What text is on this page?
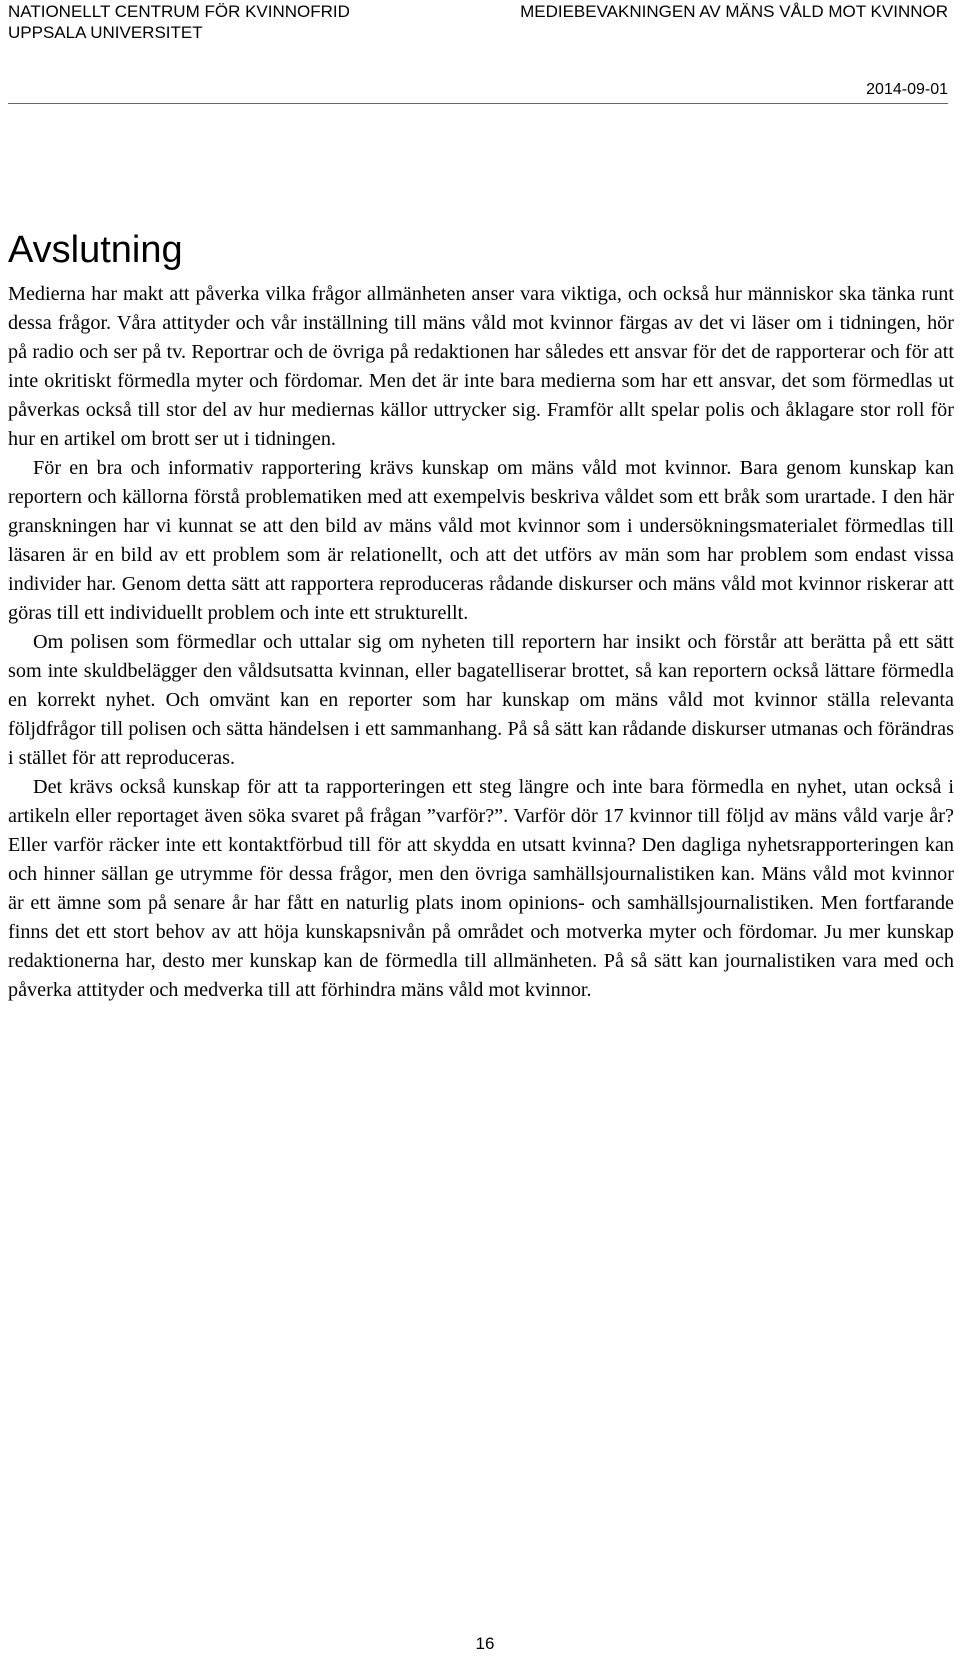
NATIONELLT CENTRUM FÖR KVINNOFRID
UPPSALA UNIVERSITET
MEDIEBEVAKNINGEN AV MÄNS VÅLD MOT KVINNOR
2014-09-01
Avslutning

Medierna har makt att påverka vilka frågor allmänheten anser vara viktiga, och också hur människor ska tänka runt dessa frågor. Våra attityder och vår inställning till mäns våld mot kvinnor färgas av det vi läser om i tidningen, hör på radio och ser på tv. Reportrar och de övriga på redaktionen har således ett ansvar för det de rapporterar och för att inte okritiskt förmedla myter och fördomar. Men det är inte bara medierna som har ett ansvar, det som förmedlas ut påverkas också till stor del av hur mediernas källor uttrycker sig. Framför allt spelar polis och åklagare stor roll för hur en artikel om brott ser ut i tidningen.

För en bra och informativ rapportering krävs kunskap om mäns våld mot kvinnor. Bara genom kunskap kan reportern och källorna förstå problematiken med att exempelvis beskriva våldet som ett bråk som urartade. I den här granskningen har vi kunnat se att den bild av mäns våld mot kvinnor som i undersökningsmaterialet förmedlas till läsaren är en bild av ett problem som är relationellt, och att det utförs av män som har problem som endast vissa individer har. Genom detta sätt att rapportera reproduceras rådande diskurser och mäns våld mot kvinnor riskerar att göras till ett individuellt problem och inte ett strukturellt.

Om polisen som förmedlar och uttalar sig om nyheten till reportern har insikt och förstår att berätta på ett sätt som inte skuldbelägger den våldsutsatta kvinnan, eller bagatelliserar brottet, så kan reportern också lättare förmedla en korrekt nyhet. Och omvänt kan en reporter som har kunskap om mäns våld mot kvinnor ställa relevanta följdfrågor till polisen och sätta händelsen i ett sammanhang. På så sätt kan rådande diskurser utmanas och förändras i stället för att reproduceras.

Det krävs också kunskap för att ta rapporteringen ett steg längre och inte bara förmedla en nyhet, utan också i artikeln eller reportaget även söka svaret på frågan ”varför?”. Varför dör 17 kvinnor till följd av mäns våld varje år? Eller varför räcker inte ett kontaktförbud till för att skydda en utsatt kvinna? Den dagliga nyhetsrapporteringen kan och hinner sällan ge utrymme för dessa frågor, men den övriga samhällsjournalistiken kan. Mäns våld mot kvinnor är ett ämne som på senare år har fått en naturlig plats inom opinions- och samhällsjournalistiken. Men fortfarande finns det ett stort behov av att höja kunskapsnivån på området och motverka myter och fördomar. Ju mer kunskap redaktionerna har, desto mer kunskap kan de förmedla till allmänheten. På så sätt kan journalistiken vara med och påverka attityder och medverka till att förhindra mäns våld mot kvinnor.

16
